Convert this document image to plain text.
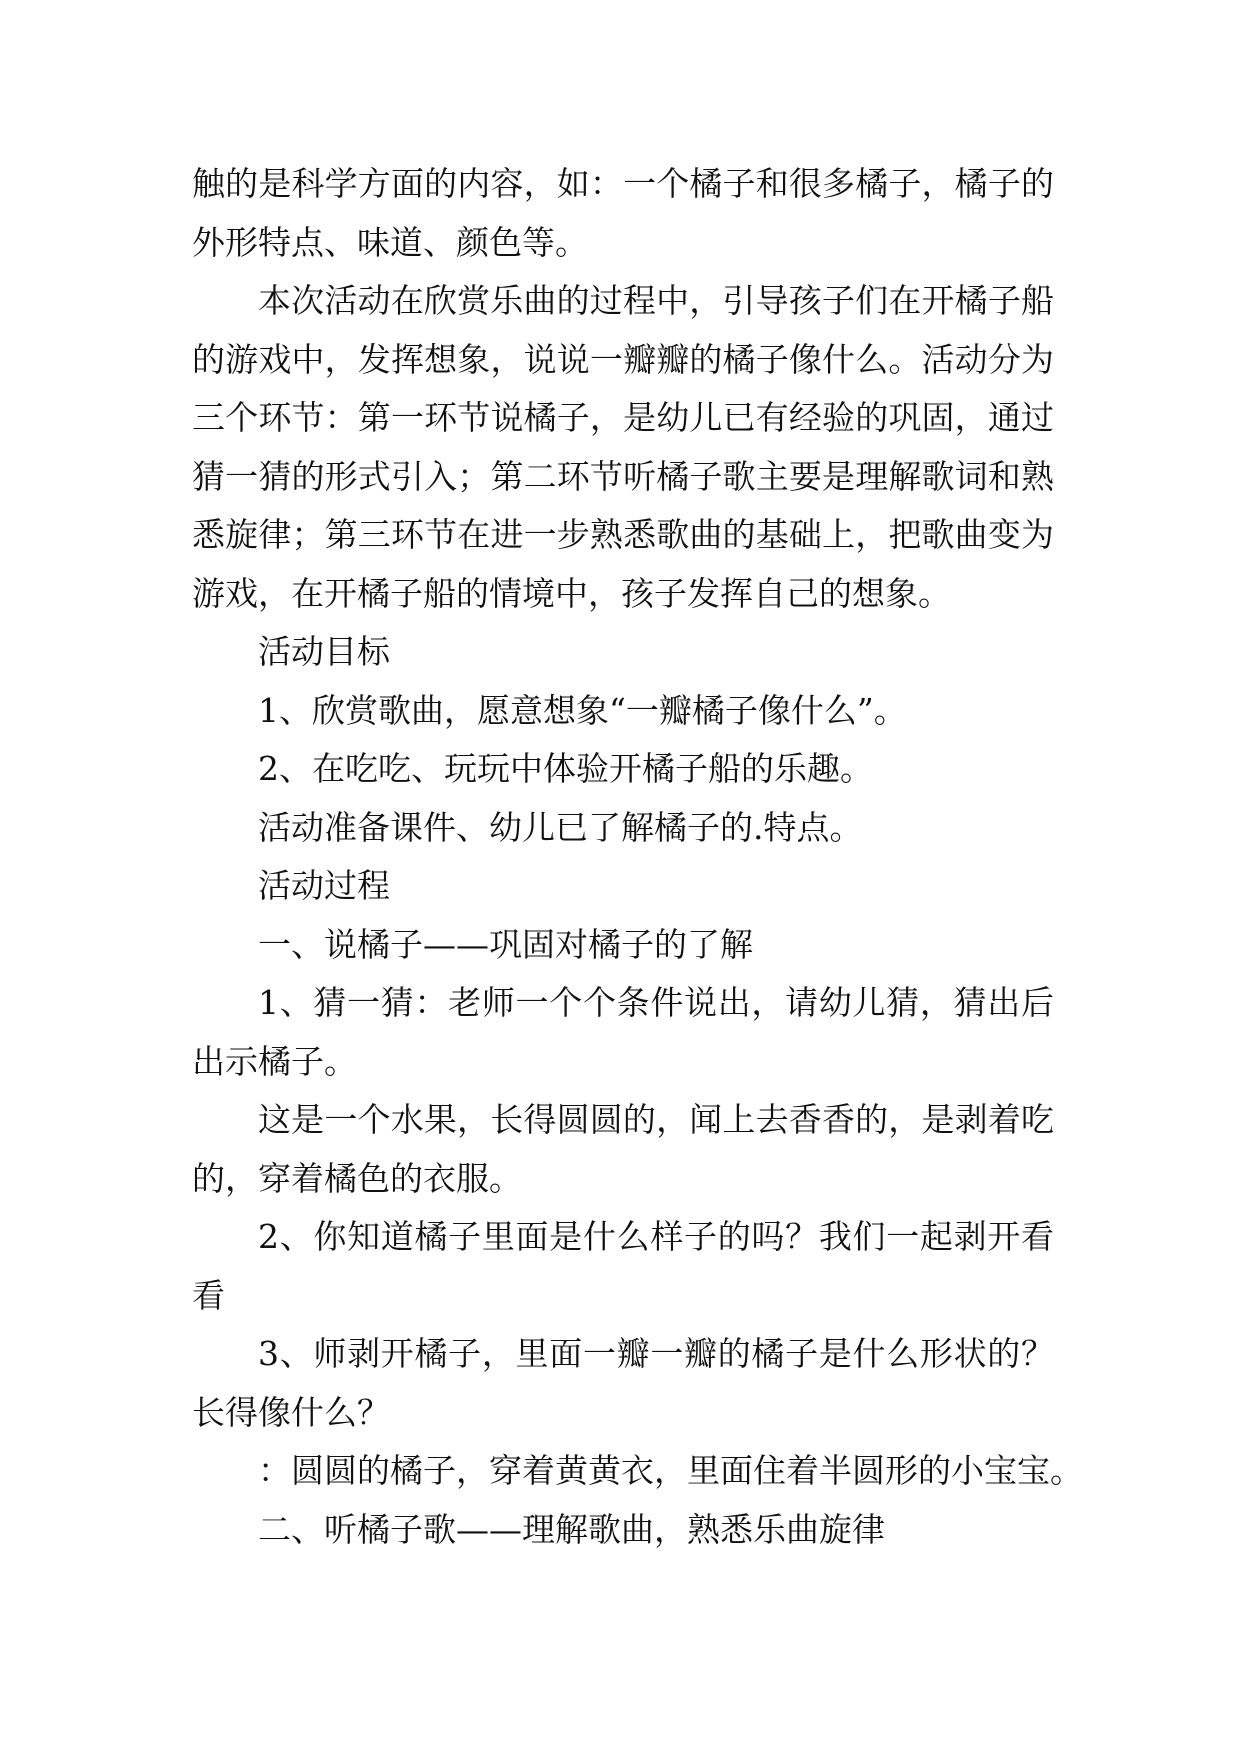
触的是科学方面的内容，如：一个橘子和很多橘子，橘子的
外形特点、味道、颜色等。
本次活动在欣赏乐曲的过程中，引导孩子们在开橘子船
的游戏中，发挥想象，说说一瓣瓣的橘子像什么。活动分为
三个环节：第一环节说橘子，是幼儿已有经验的巩固，通过
猜一猜的形式引入；第二环节听橘子歌主要是理解歌词和熟
悉旋律；第三环节在进一步熟悉歌曲的基础上，把歌曲变为
游戏，在开橘子船的情境中，孩子发挥自己的想象。
活动目标
1、欣赏歌曲，愿意想象“一瓣橘子像什么”。
2、在吃吃、玩玩中体验开橘子船的乐趣。
活动准备课件、幼儿已了解橘子的.特点。
活动过程
一、说橘子——巩固对橘子的了解
1、猜一猜：老师一个个条件说出，请幼儿猜，猜出后
出示橘子。
这是一个水果，长得圆圆的，闻上去香香的，是剥着吃
的，穿着橘色的衣服。
2、你知道橘子里面是什么样子的吗？我们一起剥开看
看
3、师剥开橘子，里面一瓣一瓣的橘子是什么形状的？
长得像什么？
：圆圆的橘子，穿着黄黄衣，里面住着半圆形的小宝宝。
二、听橘子歌——理解歌曲，熟悉乐曲旋律
